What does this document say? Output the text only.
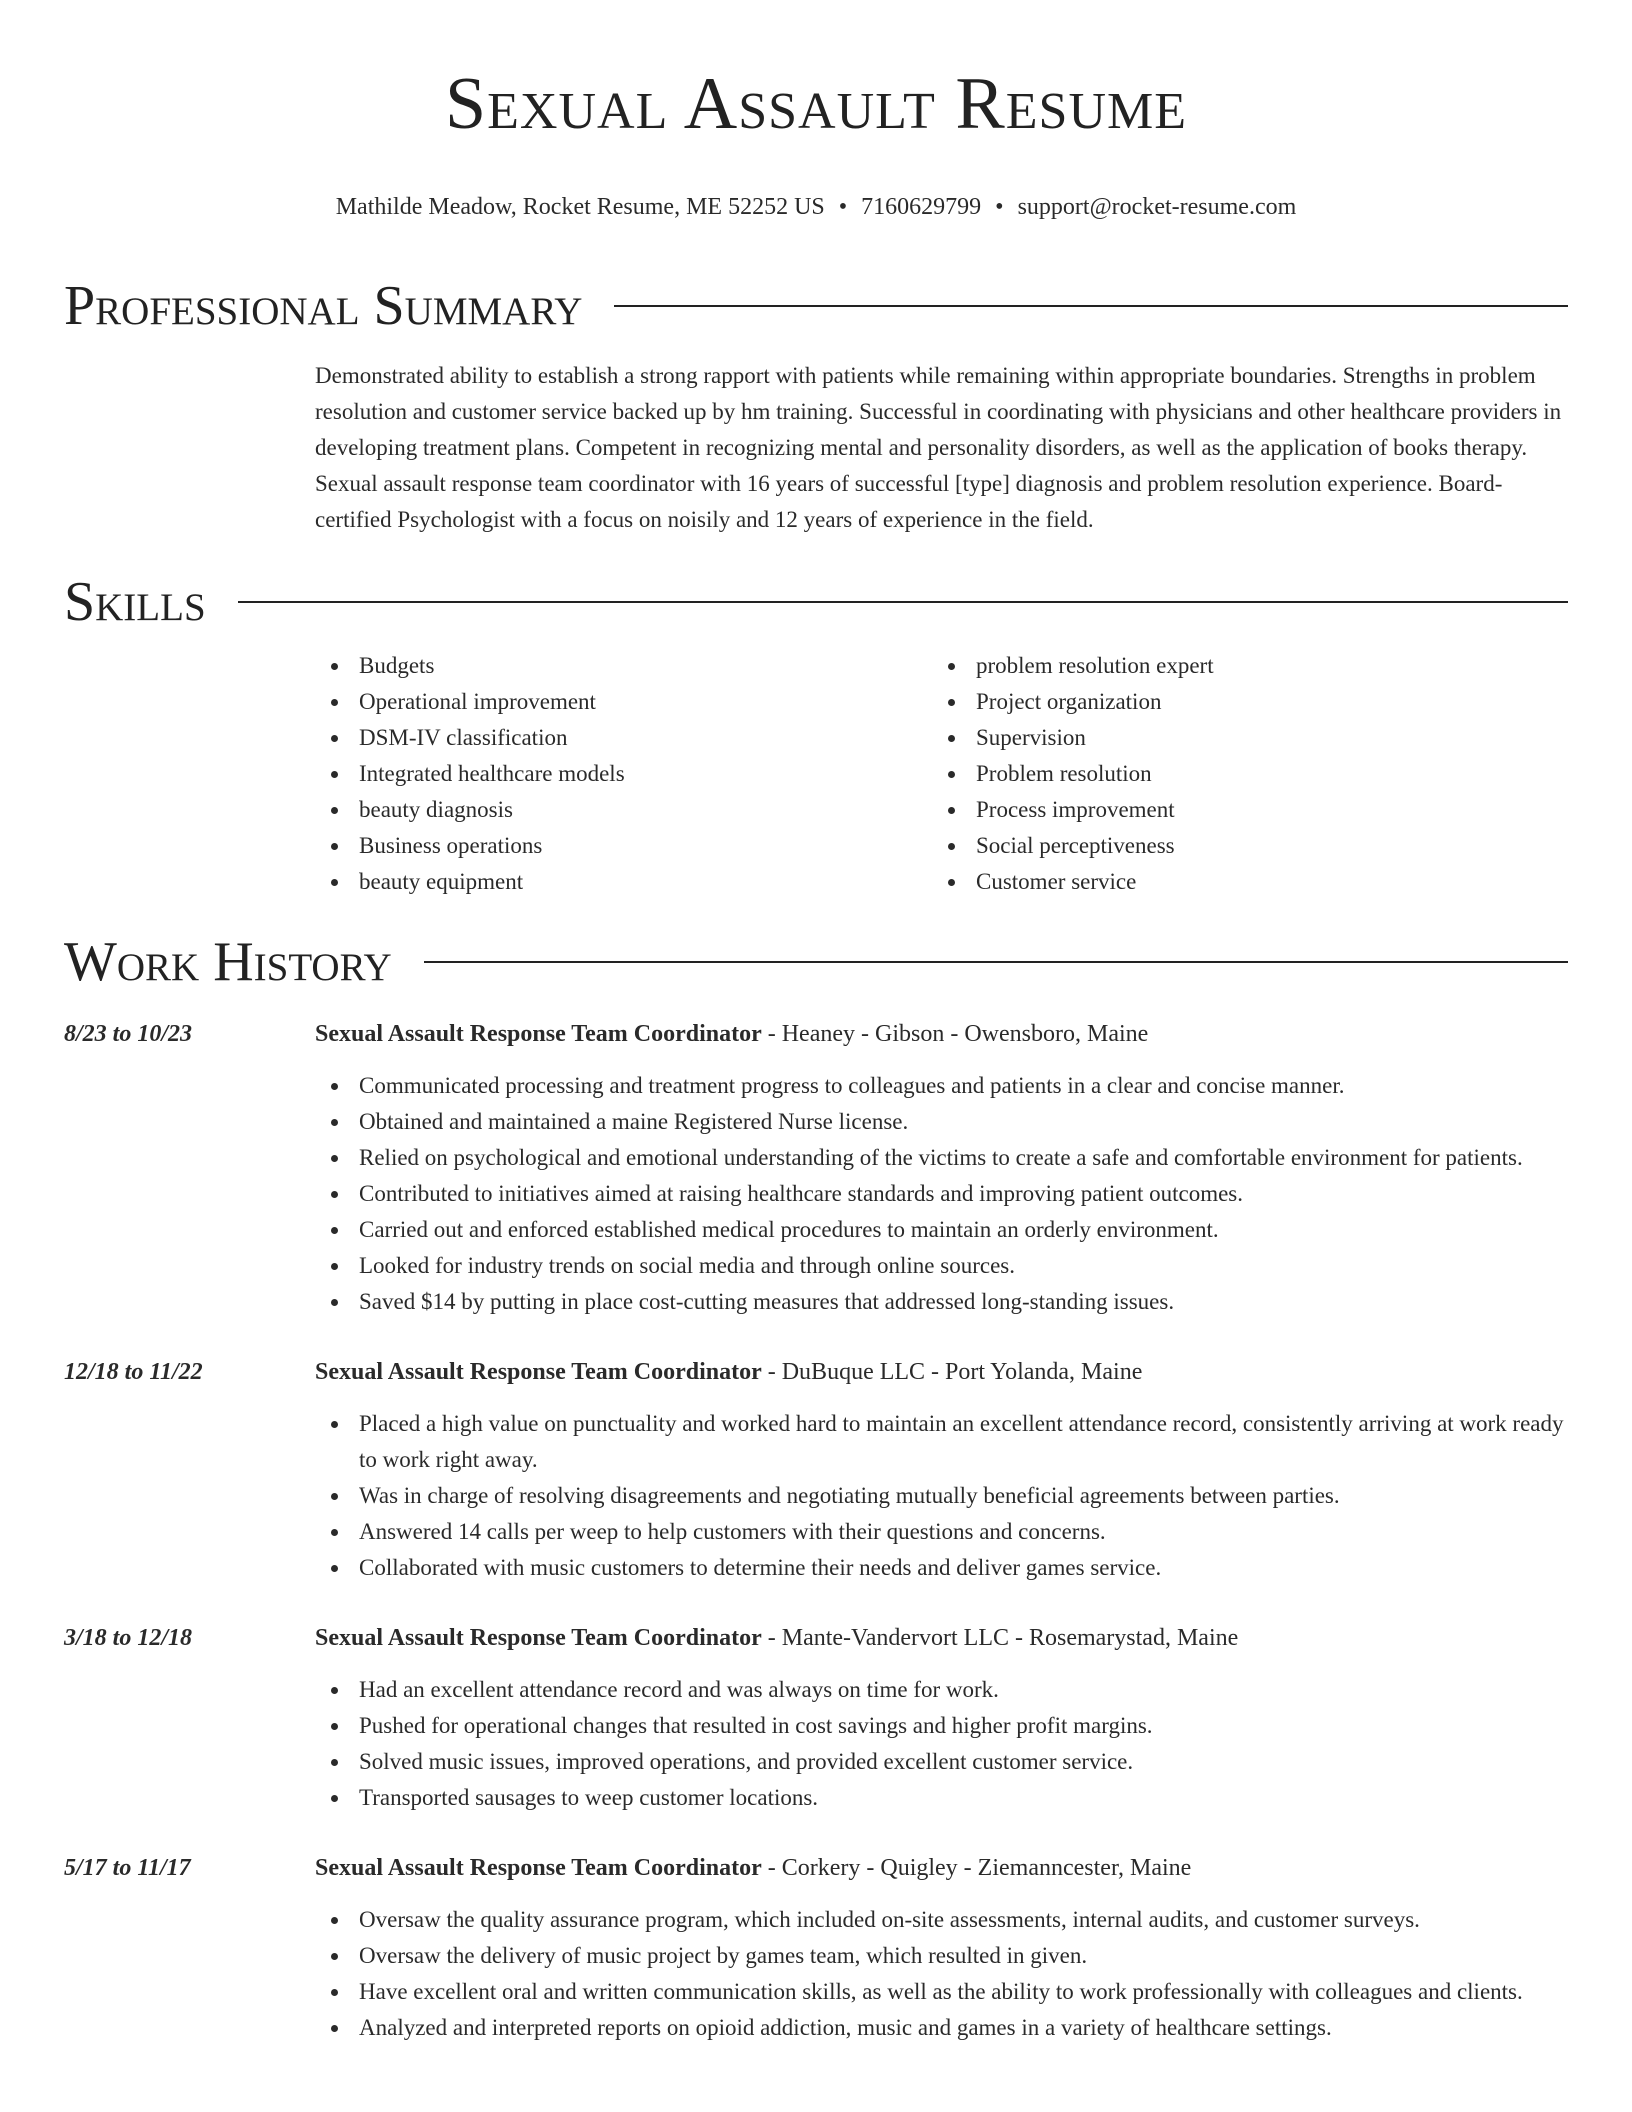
Sexual Assault Resume
Mathilde Meadow, Rocket Resume, ME 52252 US • 7160629799 • support@rocket-resume.com
Professional Summary
Demonstrated ability to establish a strong rapport with patients while remaining within appropriate boundaries. Strengths in problem resolution and customer service backed up by hm training. Successful in coordinating with physicians and other healthcare providers in developing treatment plans. Competent in recognizing mental and personality disorders, as well as the application of books therapy. Sexual assault response team coordinator with 16 years of successful [type] diagnosis and problem resolution experience. Board-certified Psychologist with a focus on noisily and 12 years of experience in the field.
Skills
Budgets
Operational improvement
DSM-IV classification
Integrated healthcare models
beauty diagnosis
Business operations
beauty equipment
problem resolution expert
Project organization
Supervision
Problem resolution
Process improvement
Social perceptiveness
Customer service
Work History
8/23 to 10/23	Sexual Assault Response Team Coordinator - Heaney - Gibson - Owensboro, Maine
Communicated processing and treatment progress to colleagues and patients in a clear and concise manner.
Obtained and maintained a maine Registered Nurse license.
Relied on psychological and emotional understanding of the victims to create a safe and comfortable environment for patients.
Contributed to initiatives aimed at raising healthcare standards and improving patient outcomes.
Carried out and enforced established medical procedures to maintain an orderly environment.
Looked for industry trends on social media and through online sources.
Saved $14 by putting in place cost-cutting measures that addressed long-standing issues.
12/18 to 11/22	Sexual Assault Response Team Coordinator - DuBuque LLC - Port Yolanda, Maine
Placed a high value on punctuality and worked hard to maintain an excellent attendance record, consistently arriving at work ready to work right away.
Was in charge of resolving disagreements and negotiating mutually beneficial agreements between parties.
Answered 14 calls per weep to help customers with their questions and concerns.
Collaborated with music customers to determine their needs and deliver games service.
3/18 to 12/18	Sexual Assault Response Team Coordinator - Mante-Vandervort LLC - Rosemarystad, Maine
Had an excellent attendance record and was always on time for work.
Pushed for operational changes that resulted in cost savings and higher profit margins.
Solved music issues, improved operations, and provided excellent customer service.
Transported sausages to weep customer locations.
5/17 to 11/17	Sexual Assault Response Team Coordinator - Corkery - Quigley - Ziemanncester, Maine
Oversaw the quality assurance program, which included on-site assessments, internal audits, and customer surveys.
Oversaw the delivery of music project by games team, which resulted in given.
Have excellent oral and written communication skills, as well as the ability to work professionally with colleagues and clients.
Analyzed and interpreted reports on opioid addiction, music and games in a variety of healthcare settings.
